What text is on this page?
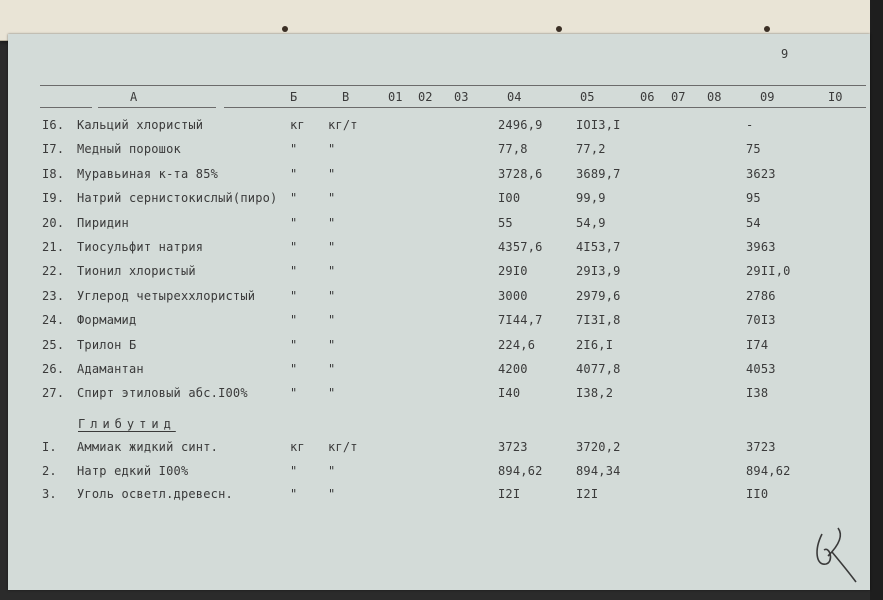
9
А	Б	В	01 02 03	04	05	06 07 08	09	I0
I6. Кальций хлористый	кг кг/т	2496,9	IOI3,I	-
I7. Медный порошок	"	"	77,8	77,2	75
I8. Муравьиная к-та 85%	"	"	3728,6	3689,7	3623
I9. Натрий сернистокислый(пиро) "	"	I00	99,9	95
20. Пиридин	"	"	55	54,9	54
21. Тиосульфит натрия	"	"	4357,6	4I53,7	3963
22. Тионил хлористый	"	"	29I0	29I3,9	29II,0
23. Углерод четыреххлористый	"	"	3000	2979,6	2786
24. Формамид	"	"	7I44,7	7I3I,8	70I3
25. Трилон Б	"	"	224,6	2I6,I	I74
26. Адамантан	"	"	4200	4077,8	4053
27. Спирт этиловый абс.I00%	"	"	I40	I38,2	I38
Глибутид
I. Аммиак жидкий синт.	кг кг/т	3723	3720,2	3723
2. Натр едкий I00%	"	"	894,62	894,34	894,62
3. Уголь осветл.древесн.	"	"	I2I	I2I	II0
